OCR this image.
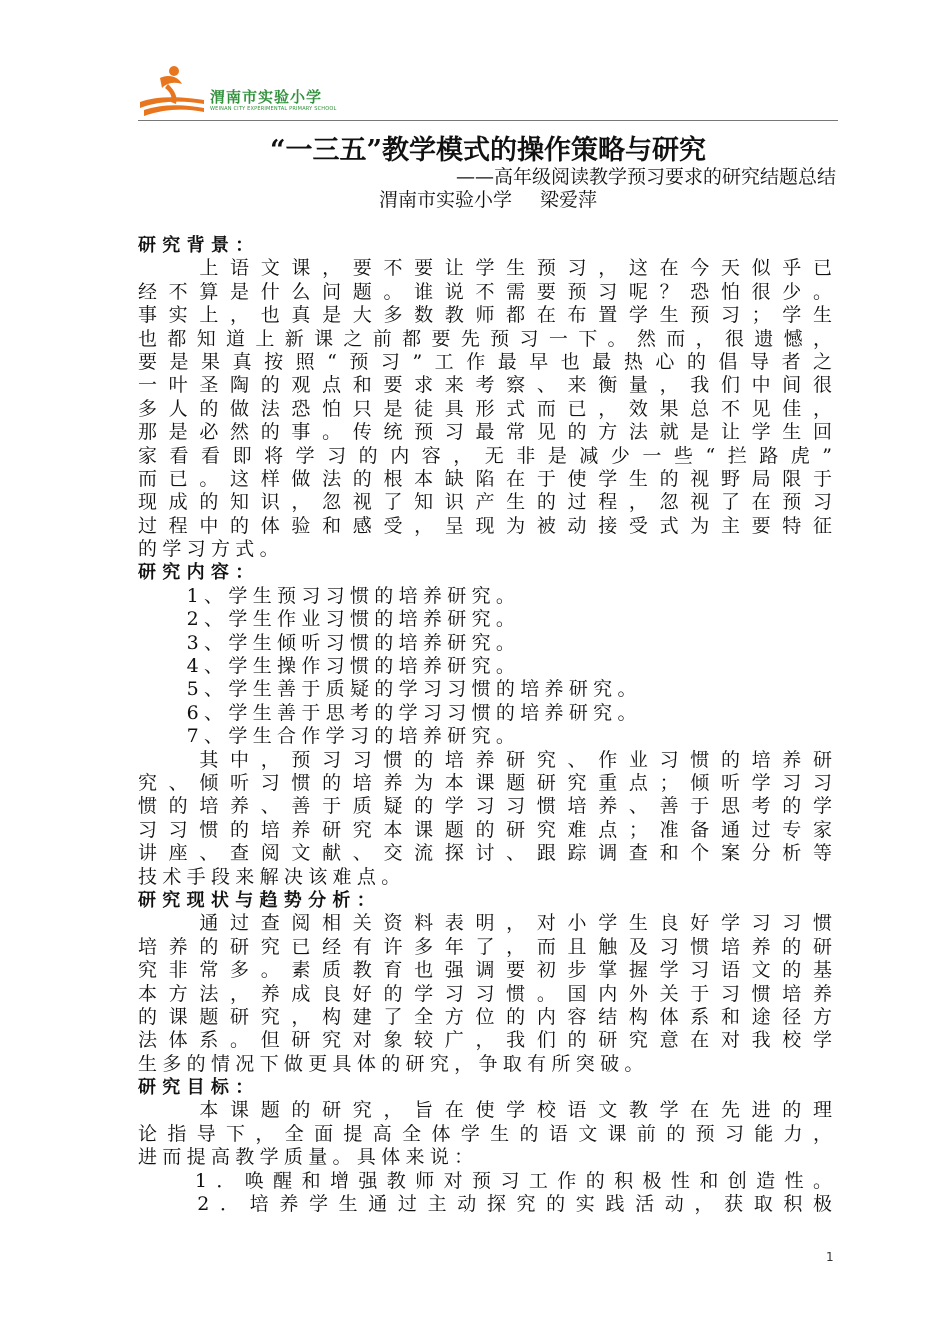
渭南市实验小学
WEINAN CITY EXPERIMENTAL PRIMARY SCHOOL
“一三五”教学模式的操作策略与研究
——高年级阅读教学预习要求的研究结题总结
渭南市实验小学 梁爱萍
研究背景：
　　上语文课，要不要让学生预习，这在今天似乎已
经不算是什么问题。谁说不需要预习呢？恐怕很少。
事实上，也真是大多数教师都在布置学生预习；学生
也都知道上新课之前都要先预习一下。然而，很遗憾，
要是果真按照“预习”工作最早也最热心的倡导者之
一叶圣陶的观点和要求来考察、来衡量，我们中间很
多人的做法恐怕只是徒具形式而已，效果总不见佳，
那是必然的事。传统预习最常见的方法就是让学生回
家看看即将学习的内容，无非是减少一些“拦路虎”
而已。这样做法的根本缺陷在于使学生的视野局限于
现成的知识，忽视了知识产生的过程，忽视了在预习
过程中的体验和感受，呈现为被动接受式为主要特征
的学习方式。
研究内容：
　　1、学生预习习惯的培养研究。
　　2、学生作业习惯的培养研究。
　　3、学生倾听习惯的培养研究。
　　4、学生操作习惯的培养研究。
　　5、学生善于质疑的学习习惯的培养研究。
　　6、学生善于思考的学习习惯的培养研究。
　　7、学生合作学习的培养研究。
　　其中，预习习惯的培养研究、作业习惯的培养研
究、倾听习惯的培养为本课题研究重点；倾听学习习
惯的培养、善于质疑的学习习惯培养、善于思考的学
习习惯的培养研究本课题的研究难点；准备通过专家
讲座、查阅文献、交流探讨、跟踪调查和个案分析等
技术手段来解决该难点。
研究现状与趋势分析：
　　通过查阅相关资料表明，对小学生良好学习习惯
培养的研究已经有许多年了，而且触及习惯培养的研
究非常多。素质教育也强调要初步掌握学习语文的基
本方法，养成良好的学习习惯。国内外关于习惯培养
的课题研究，构建了全方位的内容结构体系和途径方
法体系。但研究对象较广，我们的研究意在对我校学
生多的情况下做更具体的研究，争取有所突破。
研究目标：
　　本课题的研究，旨在使学校语文教学在先进的理
论指导下，全面提高全体学生的语文课前的预习能力，
进而提高教学质量。具体来说：
　　1．唤醒和增强教师对预习工作的积极性和创造性。
　　2．培养学生通过主动探究的实践活动，获取积极
1
